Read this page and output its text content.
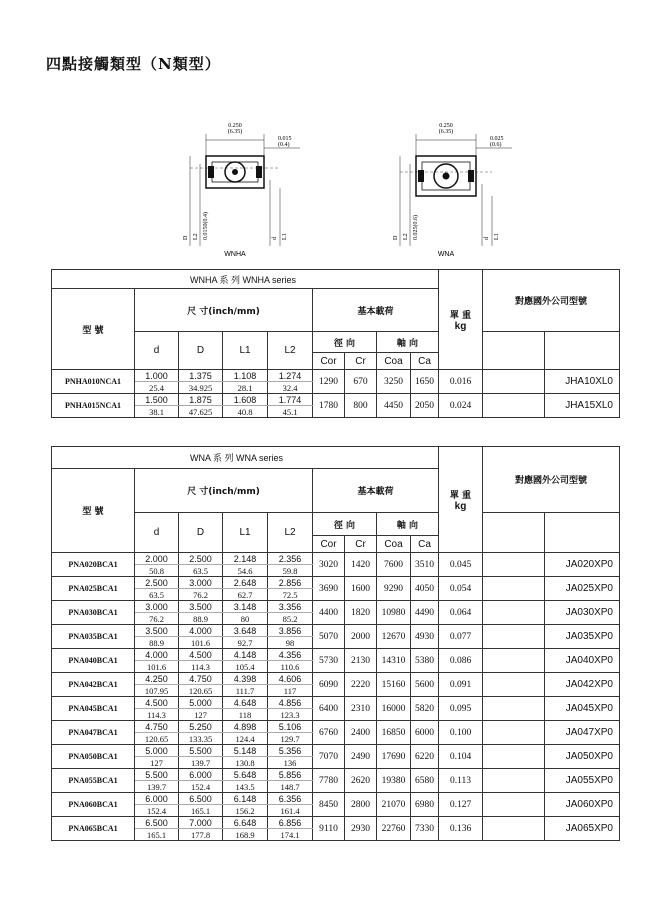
四點接觸類型（N類型）
0.250
(6.35)
0.015
(0.4)
D L2 0.0150(0.4)	d L1
WNHA
0.250
(6.35)
0.025
(0.6)
D L2 0.025(0.6)	d L1
WNA
WNHA 系 列 WNHA series									單 重
kg	對應國外公司型號	
型 號	尺 寸(inch/mm)				基本載荷						
	d	D	L1	L2	徑 向		軸 向				
					Cor	Cr	Coa	Ca			
PNHA010NCA1	1.000	1.375	1.108	1.274	1290	670	3250	1650	0.016		JHA10XL0
	25.4	34.925	28.1	32.4							
PNHA015NCA1	1.500	1.875	1.608	1.774	1780	800	4450	2050	0.024		JHA15XL0
	38.1	47.625	40.8	45.1							
WNA 系 列 WNA series									單 重
kg	對應國外公司型號	
型 號	尺 寸(inch/mm)				基本載荷						
	d	D	L1	L2	徑 向		軸 向				
					Cor	Cr	Coa	Ca			
PNA020BCA1	2.000	2.500	2.148	2.356	3020	1420	7600	3510	0.045		JA020XP0
	50.8	63.5	54.6	59.8							
PNA025BCA1	2.500	3.000	2.648	2.856	3690	1600	9290	4050	0.054		JA025XP0
	63.5	76.2	62.7	72.5							
PNA030BCA1	3.000	3.500	3.148	3.356	4400	1820	10980	4490	0.064		JA030XP0
	76.2	88.9	80	85.2							
PNA035BCA1	3.500	4.000	3.648	3.856	5070	2000	12670	4930	0.077		JA035XP0
	88.9	101.6	92.7	98							
PNA040BCA1	4.000	4.500	4.148	4.356	5730	2130	14310	5380	0.086		JA040XP0
	101.6	114.3	105.4	110.6							
PNA042BCA1	4.250	4.750	4.398	4.606	6090	2220	15160	5600	0.091		JA042XP0
	107.95	120.65	111.7	117							
PNA045BCA1	4.500	5.000	4.648	4.856	6400	2310	16000	5820	0.095		JA045XP0
	114.3	127	118	123.3							
PNA047BCA1	4.750	5.250	4.898	5.106	6760	2400	16850	6000	0.100		JA047XP0
	120.65	133.35	124.4	129.7							
PNA050BCA1	5.000	5.500	5.148	5.356	7070	2490	17690	6220	0.104		JA050XP0
	127	139.7	130.8	136							
PNA055BCA1	5.500	6.000	5.648	5.856	7780	2620	19380	6580	0.113		JA055XP0
	139.7	152.4	143.5	148.7							
PNA060BCA1	6.000	6.500	6.148	6.356	8450	2800	21070	6980	0.127		JA060XP0
	152.4	165.1	156.2	161.4							
PNA065BCA1	6.500	7.000	6.648	6.856	9110	2930	22760	7330	0.136		JA065XP0
	165.1	177.8	168.9	174.1							
